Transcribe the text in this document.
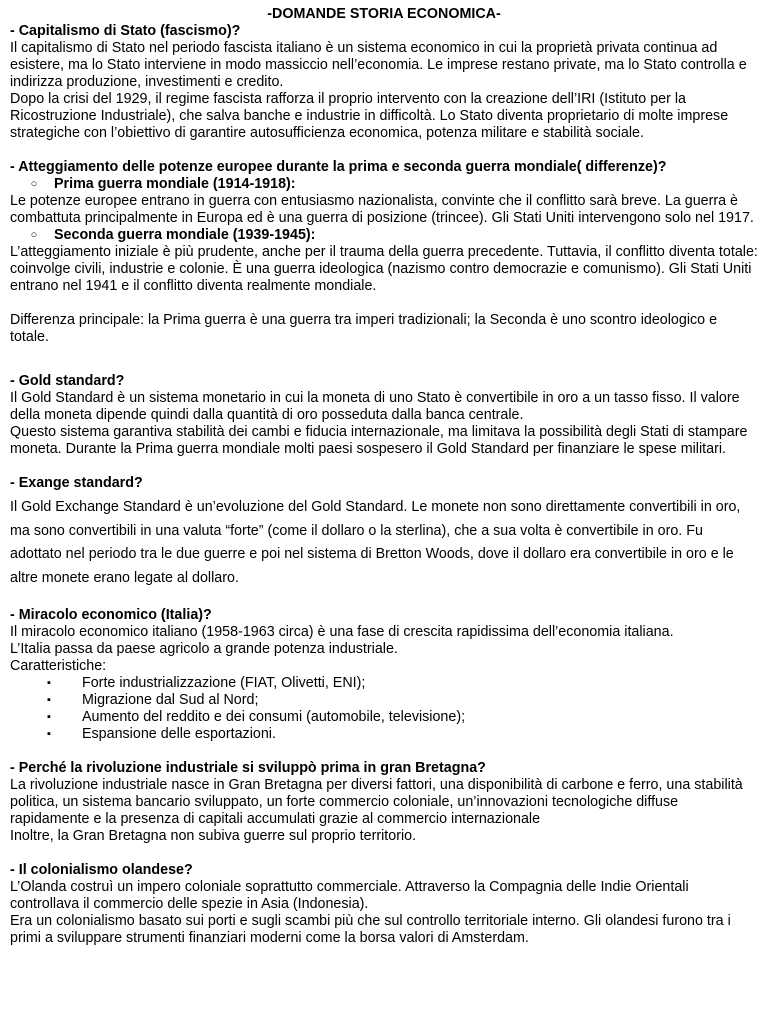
-DOMANDE STORIA ECONOMICA-

- Capitalismo di Stato (fascismo)?

Il capitalismo di Stato nel periodo fascista italiano è un sistema economico in cui la proprietà privata continua ad esistere, ma lo Stato interviene in modo massiccio nell’economia. Le imprese restano private, ma lo Stato controlla e indirizza produzione, investimenti e credito.

Dopo la crisi del 1929, il regime fascista rafforza il proprio intervento con la creazione dell’IRI (Istituto per la Ricostruzione Industriale), che salva banche e industrie in difficoltà. Lo Stato diventa proprietario di molte imprese strategiche con l’obiettivo di garantire autosufficienza economica, potenza militare e stabilità sociale.

- Atteggiamento delle potenze europee durante la prima e seconda guerra mondiale( differenze)?

○	Prima guerra mondiale (1914-1918):

Le potenze europee entrano in guerra con entusiasmo nazionalista, convinte che il conflitto sarà breve. La guerra è combattuta principalmente in Europa ed è una guerra di posizione (trincee). Gli Stati Uniti intervengono solo nel 1917.

○	Seconda guerra mondiale (1939-1945):

L’atteggiamento iniziale è più prudente, anche per il trauma della guerra precedente. Tuttavia, il conflitto diventa totale: coinvolge civili, industrie e colonie. È una guerra ideologica (nazismo contro democrazie e comunismo). Gli Stati Uniti entrano nel 1941 e il conflitto diventa realmente mondiale.

Differenza principale: la Prima guerra è una guerra tra imperi tradizionali; la Seconda è uno scontro ideologico e totale.

- Gold standard?

Il Gold Standard è un sistema monetario in cui la moneta di uno Stato è convertibile in oro a un tasso fisso. Il valore della moneta dipende quindi dalla quantità di oro posseduta dalla banca centrale.

Questo sistema garantiva stabilità dei cambi e fiducia internazionale, ma limitava la possibilità degli Stati di stampare moneta. Durante la Prima guerra mondiale molti paesi sospesero il Gold Standard per finanziare le spese militari.

- Exange standard?

Il Gold Exchange Standard è un’evoluzione del Gold Standard. Le monete non sono direttamente convertibili in oro, ma sono convertibili in una valuta “forte” (come il dollaro o la sterlina), che a sua volta è convertibile in oro. Fu adottato nel periodo tra le due guerre e poi nel sistema di Bretton Woods, dove il dollaro era convertibile in oro e le altre monete erano legate al dollaro.

- Miracolo economico (Italia)?

Il miracolo economico italiano (1958-1963 circa) è una fase di crescita rapidissima dell’economia italiana.

L’Italia passa da paese agricolo a grande potenza industriale.

Caratteristiche:

▪	Forte industrializzazione (FIAT, Olivetti, ENI);
▪	Migrazione dal Sud al Nord;
▪	Aumento del reddito e dei consumi (automobile, televisione);
▪	Espansione delle esportazioni.

- Perché la rivoluzione industriale si sviluppò prima in gran Bretagna?

La rivoluzione industriale nasce in Gran Bretagna per diversi fattori, una disponibilità di carbone e ferro, una stabilità politica, un sistema bancario sviluppato, un forte commercio coloniale, un’innovazioni tecnologiche diffuse rapidamente e la presenza di capitali accumulati grazie al commercio internazionale

Inoltre, la Gran Bretagna non subiva guerre sul proprio territorio.

- Il colonialismo olandese?

L’Olanda costruì un impero coloniale soprattutto commerciale. Attraverso la Compagnia delle Indie Orientali controllava il commercio delle spezie in Asia (Indonesia).

Era un colonialismo basato sui porti e sugli scambi più che sul controllo territoriale interno. Gli olandesi furono tra i primi a sviluppare strumenti finanziari moderni come la borsa valori di Amsterdam.
